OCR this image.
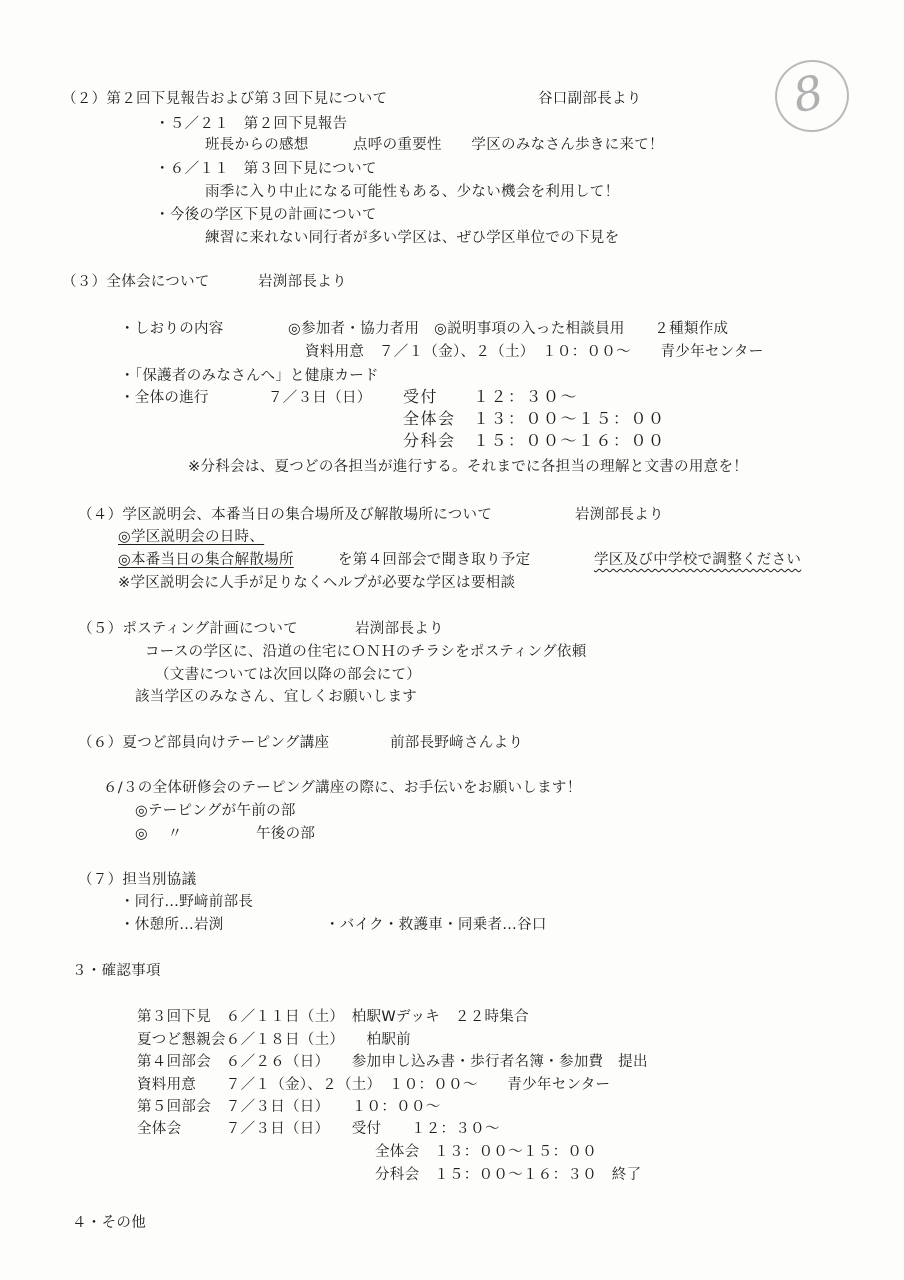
8
（２）第２回下見報告および第３回下見について	谷口副部長より
・５／２１　第２回下見報告
班長からの感想　　　点呼の重要性　　学区のみなさん歩きに来て！
・６／１１　第３回下見について
雨季に入り中止になる可能性もある、少ない機会を利用して！
・今後の学区下見の計画について
練習に来れない同行者が多い学区は、ぜひ学区単位での下見を
（３）全体会について	岩渕部長より
・しおりの内容	◎参加者・協力者用　◎説明事項の入った相談員用　　２種類作成
資料用意　７／１（金）、２（土）　１０：００～　　青少年センター
・「保護者のみなさんへ」と健康カード
・全体の進行	７／３日（日） 受付　　１２：３０～
全体会　１３：００～１５：００
分科会　１５：００～１６：００
※分科会は、夏つどの各担当が進行する。それまでに各担当の理解と文書の用意を！
（４）学区説明会、本番当日の集合場所及び解散場所について	岩渕部長より
◎学区説明会の日時、
◎本番当日の集合解散場所	を第４回部会で聞き取り予定	学区及び中学校で調整ください
※学区説明会に人手が足りなくヘルプが必要な学区は要相談
（５）ポスティング計画について	岩渕部長より
コースの学区に、沿道の住宅にＯＮＨのチラシをポスティング依頼
（文書については次回以降の部会にて）
該当学区のみなさん、宜しくお願いします
（６）夏つど部員向けテーピング講座	前部長野﨑さんより
６/３の全体研修会のテーピング講座の際に、お手伝いをお願いします！
◎テーピングが午前の部
◎　 〃	午後の部
（７）担当別協議
・同行…野﨑前部長
・休憩所…岩渕	・バイク・救護車・同乗者…谷口
３・確認事項
第３回下見　６／１１日（土）　柏駅Wデッキ　２２時集合
夏つど懇親会６／１８日（土）　　柏駅前
第４回部会　６／２６（日）　　参加申し込み書・歩行者名簿・参加費　提出
資料用意　　７／１（金）、２（土）　１０：００～　　青少年センター
第５回部会　７／３日（日）　　１０：００～
全体会　　　７／３日（日）　　受付　　１２：３０～
全体会　１３：００～１５：００
分科会　１５：００～１６：３０　終了
４・その他
